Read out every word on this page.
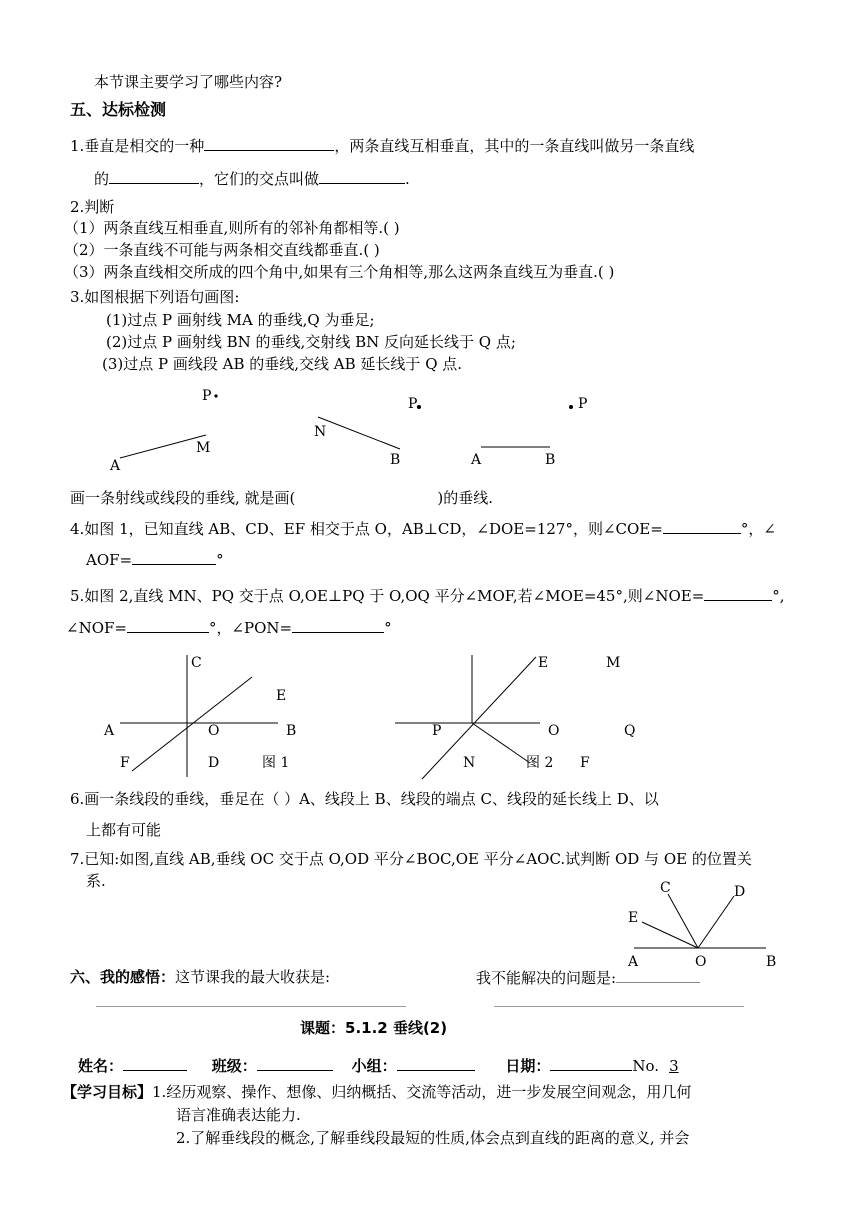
本节课主要学习了哪些内容?
五、达标检测
1.垂直是相交的一种	，两条直线互相垂直，其中的一条直线叫做另一条直线
的	，它们的交点叫做	.
2.判断
（1）两条直线互相垂直,则所有的邻补角都相等.( )
（2）一条直线不可能与两条相交直线都垂直.( )
（3）两条直线相交所成的四个角中,如果有三个角相等,那么这两条直线互为垂直.( )
3.如图根据下列语句画图:
(1)过点 P 画射线 MA 的垂线,Q 为垂足;
(2)过点 P 画射线 BN 的垂线,交射线 BN 反向延长线于 Q 点;
(3)过点 P 画线段 AB 的垂线,交线 AB 延长线于 Q 点.
P
A
M
P
N
B
P
A	B
画一条射线或线段的垂线, 就是画(	)的垂线.
4.如图 1，已知直线 AB、CD、EF 相交于点 O，AB⊥CD，∠DOE=127°，则∠COE=	°，∠
AOF=	°
5.如图 2,直线 MN、PQ 交于点 O,OE⊥PQ 于 O,OQ 平分∠MOF,若∠MOE=45°,则∠NOE=	°,
∠NOF=	°，∠PON=	°
C
E
A	O	B
F	D	图 1
E	M
P	O	Q
N	图 2 F
6.画一条线段的垂线，垂足在（ ）A、线段上 B、线段的端点 C、线段的延长线上 D、以
上都有可能
7.已知:如图,直线 AB,垂线 OC 交于点 O,OD 平分∠BOC,OE 平分∠AOC.试判断 OD 与 OE 的位置关
系.	C	D
E
A	O	B
六、我的感悟：这节课我的最大收获是:	我不能解决的问题是:
课题：5.1.2 垂线(2)
姓名：	班级：	小组：	日期：	No. 3
【学习目标】1.经历观察、操作、想像、归纳概括、交流等活动，进一步发展空间观念，用几何
语言准确表达能力.
2.了解垂线段的概念,了解垂线段最短的性质,体会点到直线的距离的意义, 并会
